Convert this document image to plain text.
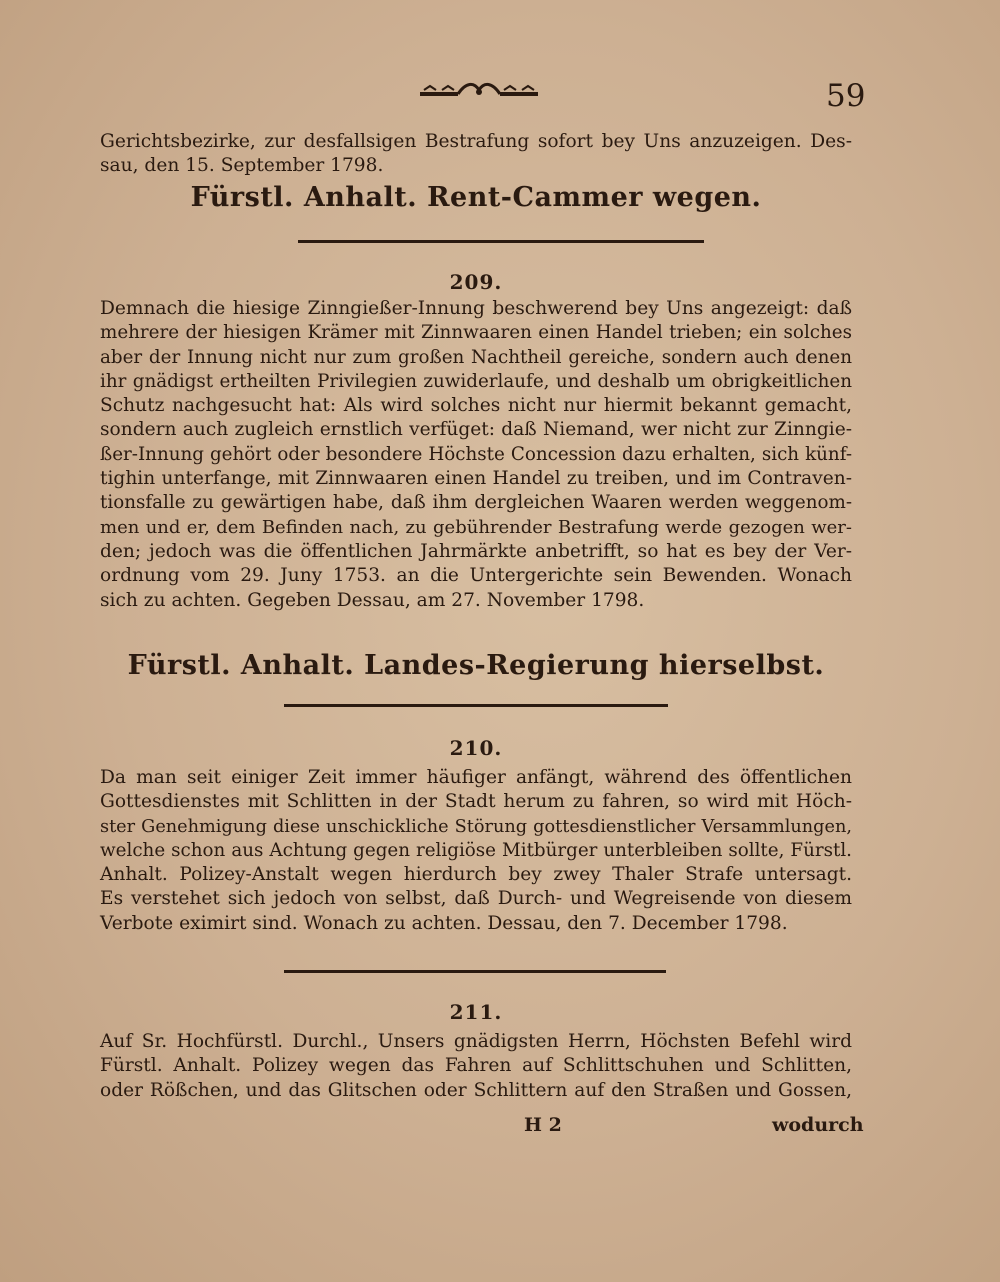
59
Gerichtsbezirke, zur desfallsigen Bestrafung sofort bey Uns anzuzeigen. Des-
sau, den 15. September 1798.
Fürstl. Anhalt. Rent-Cammer wegen.
209.
Demnach die hiesige Zinngießer-Innung beschwerend bey Uns angezeigt: daß
mehrere der hiesigen Krämer mit Zinnwaaren einen Handel trieben; ein solches
aber der Innung nicht nur zum großen Nachtheil gereiche, sondern auch denen
ihr gnädigst ertheilten Privilegien zuwiderlaufe, und deshalb um obrigkeitlichen
Schutz nachgesucht hat: Als wird solches nicht nur hiermit bekannt gemacht,
sondern auch zugleich ernstlich verfüget: daß Niemand, wer nicht zur Zinngie-
ßer-Innung gehört oder besondere Höchste Concession dazu erhalten, sich künf-
tighin unterfange, mit Zinnwaaren einen Handel zu treiben, und im Contraven-
tionsfalle zu gewärtigen habe, daß ihm dergleichen Waaren werden weggenom-
men und er, dem Befinden nach, zu gebührender Bestrafung werde gezogen wer-
den; jedoch was die öffentlichen Jahrmärkte anbetrifft, so hat es bey der Ver-
ordnung vom 29. Juny 1753. an die Untergerichte sein Bewenden. Wonach
sich zu achten. Gegeben Dessau, am 27. November 1798.
Fürstl. Anhalt. Landes-Regierung hierselbst.
210.
Da man seit einiger Zeit immer häufiger anfängt, während des öffentlichen
Gottesdienstes mit Schlitten in der Stadt herum zu fahren, so wird mit Höch-
ster Genehmigung diese unschickliche Störung gottesdienstlicher Versammlungen,
welche schon aus Achtung gegen religiöse Mitbürger unterbleiben sollte, Fürstl.
Anhalt. Polizey-Anstalt wegen hierdurch bey zwey Thaler Strafe untersagt.
Es verstehet sich jedoch von selbst, daß Durch- und Wegreisende von diesem
Verbote eximirt sind. Wonach zu achten. Dessau, den 7. December 1798.
211.
Auf Sr. Hochfürstl. Durchl., Unsers gnädigsten Herrn, Höchsten Befehl wird
Fürstl. Anhalt. Polizey wegen das Fahren auf Schlittschuhen und Schlitten,
oder Rößchen, und das Glitschen oder Schlittern auf den Straßen und Gossen,
H 2	wodurch
